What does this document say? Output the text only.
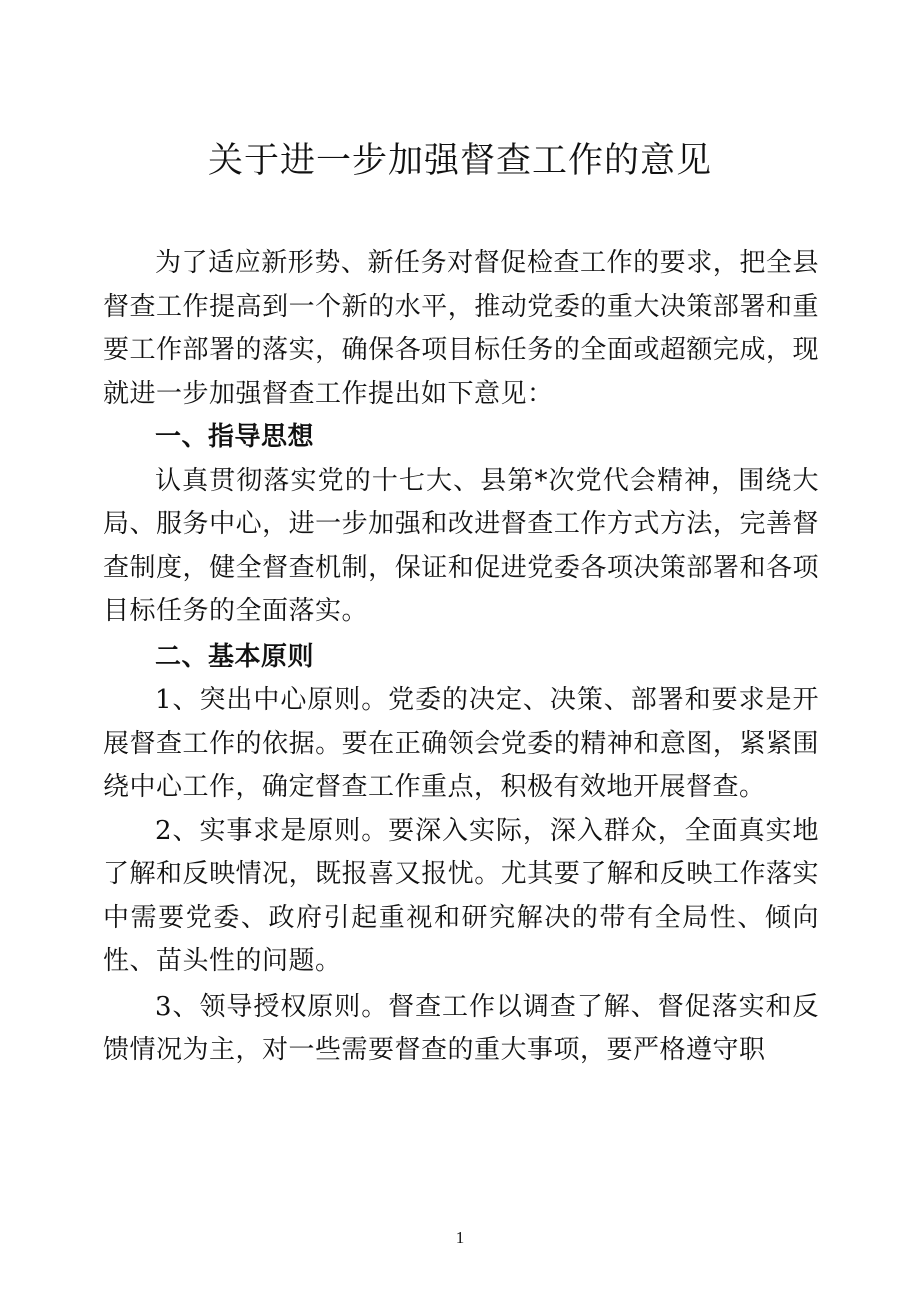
关于进一步加强督查工作的意见

为了适应新形势、新任务对督促检查工作的要求，把全县督查工作提高到一个新的水平，推动党委的重大决策部署和重要工作部署的落实，确保各项目标任务的全面或超额完成，现就进一步加强督查工作提出如下意见：

一、指导思想

认真贯彻落实党的十七大、县第*次党代会精神，围绕大局、服务中心，进一步加强和改进督查工作方式方法，完善督查制度，健全督查机制，保证和促进党委各项决策部署和各项目标任务的全面落实。

二、基本原则

1、突出中心原则。党委的决定、决策、部署和要求是开展督查工作的依据。要在正确领会党委的精神和意图，紧紧围绕中心工作，确定督查工作重点，积极有效地开展督查。

2、实事求是原则。要深入实际，深入群众，全面真实地了解和反映情况，既报喜又报忧。尤其要了解和反映工作落实中需要党委、政府引起重视和研究解决的带有全局性、倾向性、苗头性的问题。

3、领导授权原则。督查工作以调查了解、督促落实和反馈情况为主，对一些需要督查的重大事项，要严格遵守职

1
